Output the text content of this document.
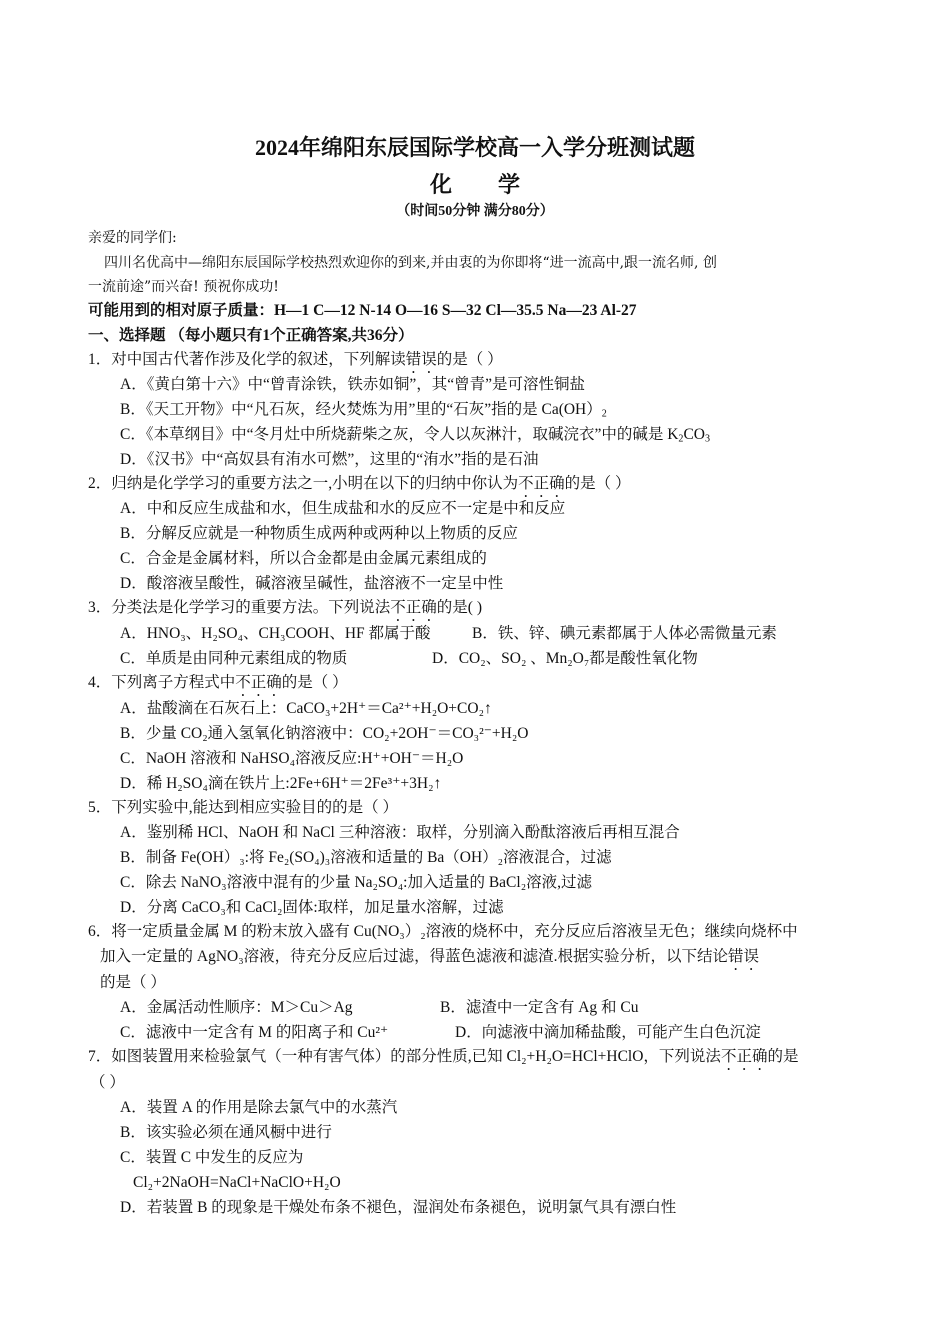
2024年绵阳东辰国际学校高一入学分班测试题
化 学
（时间50分钟 满分80分）
亲爱的同学们:
四川名优高中—绵阳东辰国际学校热烈欢迎你的到来,并由衷的为你即将“进一流高中,跟一流名师, 创
一流前途”而兴奋! 预祝你成功!
可能用到的相对原子质量：H—1 C—12 N-14 O—16 S—32 Cl—35.5 Na—23 Al-27
一、选择题 （每小题只有1个正确答案,共36分）
1．对中国古代著作涉及化学的叙述，下列解读错误的是（ ）
A．《黄白第十六》中“曾青涂铁，铁赤如铜”，其“曾青”是可溶性铜盐
B．《天工开物》中“凡石灰，经火焚炼为用”里的“石灰”指的是 $Ca(OH)_2$
C．《本草纲目》中“冬月灶中所烧薪柴之灰，令人以灰淋汁，取碱浣衣”中的碱是 $K_2CO_3$
D．《汉书》中“高奴县有洧水可燃”，这里的“洧水”指的是石油
2．归纳是化学学习的重要方法之一,小明在以下的归纳中你认为不正确的是（ ）
A．中和反应生成盐和水，但生成盐和水的反应不一定是中和反应
B．分解反应就是一种物质生成两种或两种以上物质的反应
C．合金是金属材料，所以合金都是由金属元素组成的
D．酸溶液呈酸性，碱溶液呈碱性，盐溶液不一定呈中性
3．分类法是化学学习的重要方法。下列说法不正确的是( )
A．HNO₃、H₂SO₄、CH₃COOH、HF 都属于酸	B．铁、锌、碘元素都属于人体必需微量元素
C．单质是由同种元素组成的物质	D．CO₂、SO₂ 、Mn₂O₇都是酸性氧化物
4．下列离子方程式中不正确的是（ ）
A．盐酸滴在石灰石上：CaCO₃+2H⁺＝Ca²⁺+H₂O+CO₂↑
B．少量 CO₂通入氢氧化钠溶液中：CO₂+2OH⁻＝CO₃²⁻+H₂O
C．NaOH 溶液和 NaHSO₄溶液反应:H⁺+OH⁻＝H₂O
D．稀 H₂SO₄滴在铁片上:2Fe+6H⁺＝2Fe³⁺+3H₂↑
5．下列实验中,能达到相应实验目的的是（ ）
A．鉴别稀 HCl、NaOH 和 NaCl 三种溶液：取样，分别滴入酚酞溶液后再相互混合
B．制备 Fe(OH）₃:将 Fe₂(SO₄)₃溶液和适量的 Ba（OH）₂溶液混合，过滤
C．除去 NaNO₃溶液中混有的少量 Na₂SO₄:加入适量的 BaCl₂溶液,过滤
D．分离 CaCO₃和 CaCl₂固体:取样，加足量水溶解，过滤
6．将一定质量金属 M 的粉末放入盛有 Cu(NO₃）₂溶液的烧杯中，充分反应后溶液呈无色；继续向烧杯中
加入一定量的 AgNO₃溶液，待充分反应后过滤，得蓝色滤液和滤渣.根据实验分析，以下结论错误
的是（ ）
A．金属活动性顺序：M＞Cu＞Ag	B．滤渣中一定含有 Ag 和 Cu
C．滤液中一定含有 M 的阳离子和 Cu²⁺	D．向滤液中滴加稀盐酸，可能产生白色沉淀
7．如图装置用来检验氯气（一种有害气体）的部分性质,已知 Cl₂+H₂O=HCl+HClO，下列说法不正确的是
（ ）
A．装置 A 的作用是除去氯气中的水蒸汽
B．该实验必须在通风橱中进行
C．装置 C 中发生的反应为
Cl₂+2NaOH=NaCl+NaClO+H₂O
D．若装置 B 的现象是干燥处布条不褪色，湿润处布条褪色，说明氯气具有漂白性
